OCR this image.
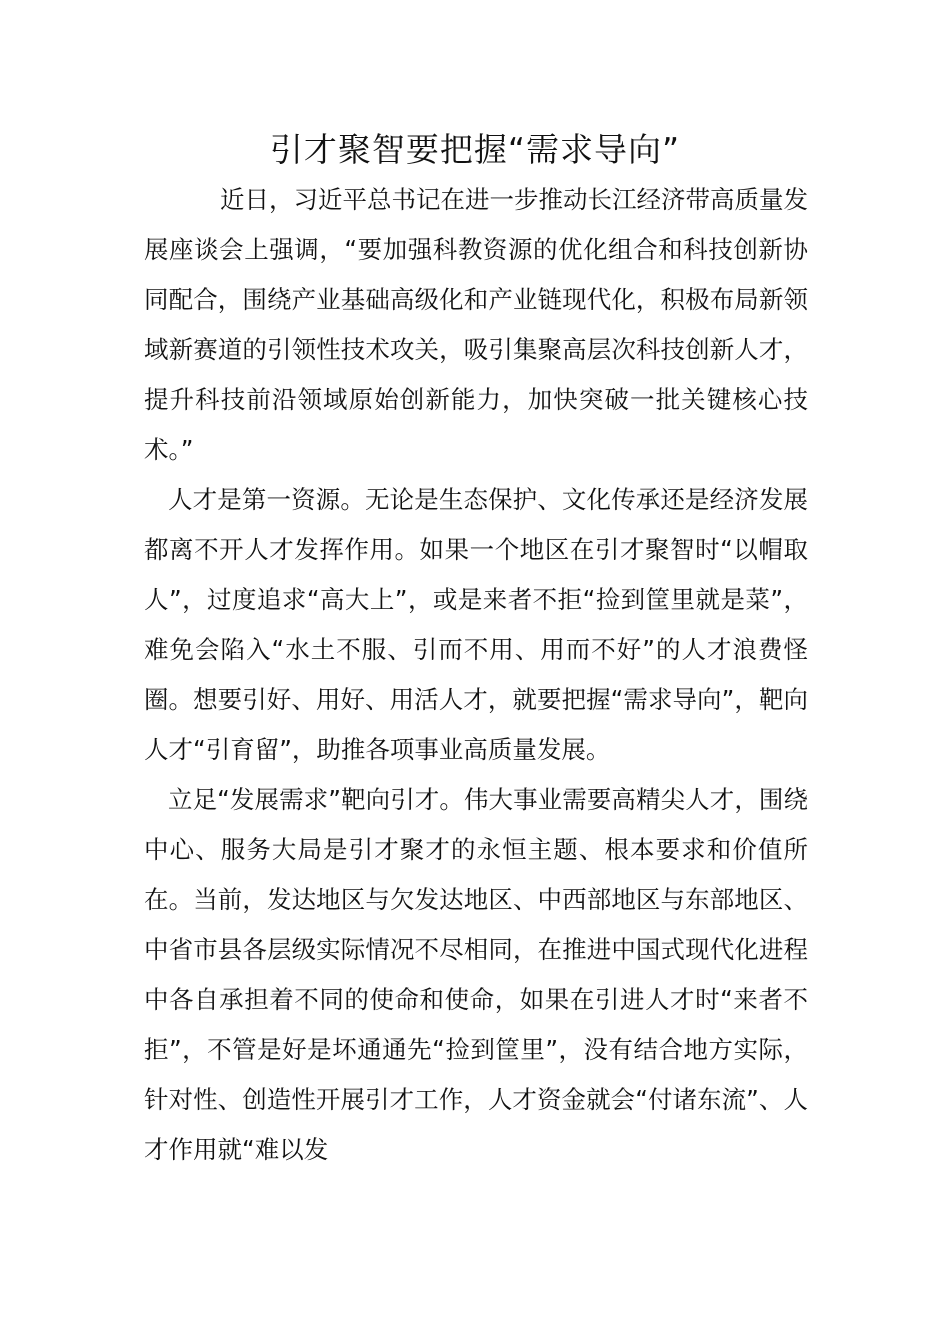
引才聚智要把握“需求导向”

近日，习近平总书记在进一步推动长江经济带高质量发展座谈会上强调，“要加强科教资源的优化组合和科技创新协同配合，围绕产业基础高级化和产业链现代化，积极布局新领域新赛道的引领性技术攻关，吸引集聚高层次科技创新人才，提升科技前沿领域原始创新能力，加快突破一批关键核心技术。”

人才是第一资源。无论是生态保护、文化传承还是经济发展都离不开人才发挥作用。如果一个地区在引才聚智时“以帽取人”，过度追求“高大上”，或是来者不拒“捡到筐里就是菜”，难免会陷入“水土不服、引而不用、用而不好”的人才浪费怪圈。想要引好、用好、用活人才，就要把握“需求导向”，靶向人才“引育留”，助推各项事业高质量发展。

立足“发展需求”靶向引才。伟大事业需要高精尖人才，围绕中心、服务大局是引才聚才的永恒主题、根本要求和价值所在。当前，发达地区与欠发达地区、中西部地区与东部地区、中省市县各层级实际情况不尽相同，在推进中国式现代化进程中各自承担着不同的使命和使命，如果在引进人才时“来者不拒”，不管是好是坏通通先“捡到筐里”，没有结合地方实际，针对性、创造性开展引才工作，人才资金就会“付诸东流”、人才作用就“难以发
